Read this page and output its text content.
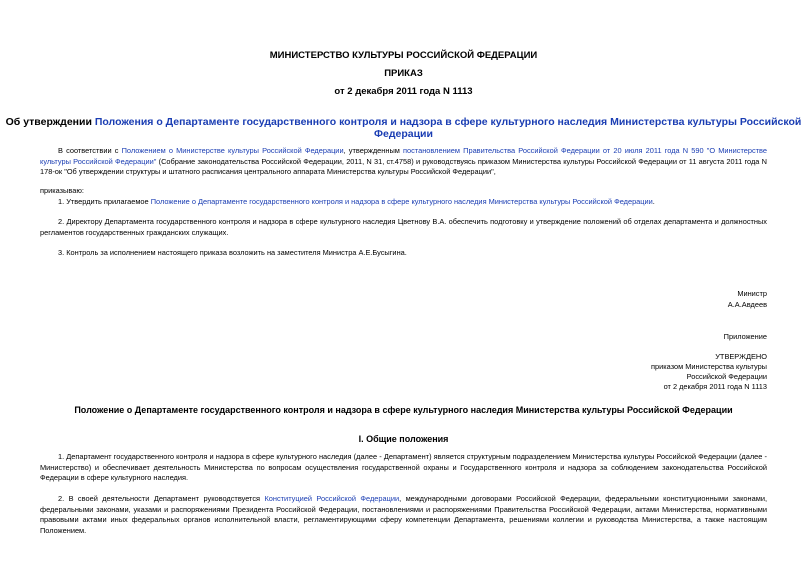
МИНИСТЕРСТВО КУЛЬТУРЫ РОССИЙСКОЙ ФЕДЕРАЦИИ
ПРИКАЗ
от 2 декабря 2011 года N 1113
Об утверждении Положения о Департаменте государственного контроля и надзора в сфере культурного наследия Министерства культуры Российской Федерации
В соответствии с Положением о Министерстве культуры Российской Федерации, утвержденным постановлением Правительства Российской Федерации от 20 июля 2011 года N 590 "О Министерстве культуры Российской Федерации" (Собрание законодательства Российской Федерации, 2011, N 31, ст.4758) и руководствуясь приказом Министерства культуры Российской Федерации от 11 августа 2011 года N 178-ок "Об утверждении структуры и штатного расписания центрального аппарата Министерства культуры Российской Федерации",
приказываю:
1. Утвердить прилагаемое Положение о Департаменте государственного контроля и надзора в сфере культурного наследия Министерства культуры Российской Федерации.
2. Директору Департамента государственного контроля и надзора в сфере культурного наследия Цветнову В.А. обеспечить подготовку и утверждение положений об отделах департамента и должностных регламентов государственных гражданских служащих.
3. Контроль за исполнением настоящего приказа возложить на заместителя Министра А.Е.Бусыгина.
Министр
А.А.Авдеев
Приложение
УТВЕРЖДЕНО
приказом Министерства культуры
Российской Федерации
от 2 декабря 2011 года N 1113
Положение о Департаменте государственного контроля и надзора в сфере культурного наследия Министерства культуры Российской Федерации
I. Общие положения
1. Департамент государственного контроля и надзора в сфере культурного наследия (далее - Департамент) является структурным подразделением Министерства культуры Российской Федерации (далее - Министерство) и обеспечивает деятельность Министерства по вопросам осуществления государственной охраны и Государственного контроля и надзора за соблюдением законодательства Российской Федерации в сфере культурного наследия.
2. В своей деятельности Департамент руководствуется Конституцией Российской Федерации, международными договорами Российской Федерации, федеральными конституционными законами, федеральными законами, указами и распоряжениями Президента Российской Федерации, постановлениями и распоряжениями Правительства Российской Федерации, актами Министерства, нормативными правовыми актами иных федеральных органов исполнительной власти, регламентирующими сферу компетенции Департамента, решениями коллегии и руководства Министерства, а также настоящим Положением.
